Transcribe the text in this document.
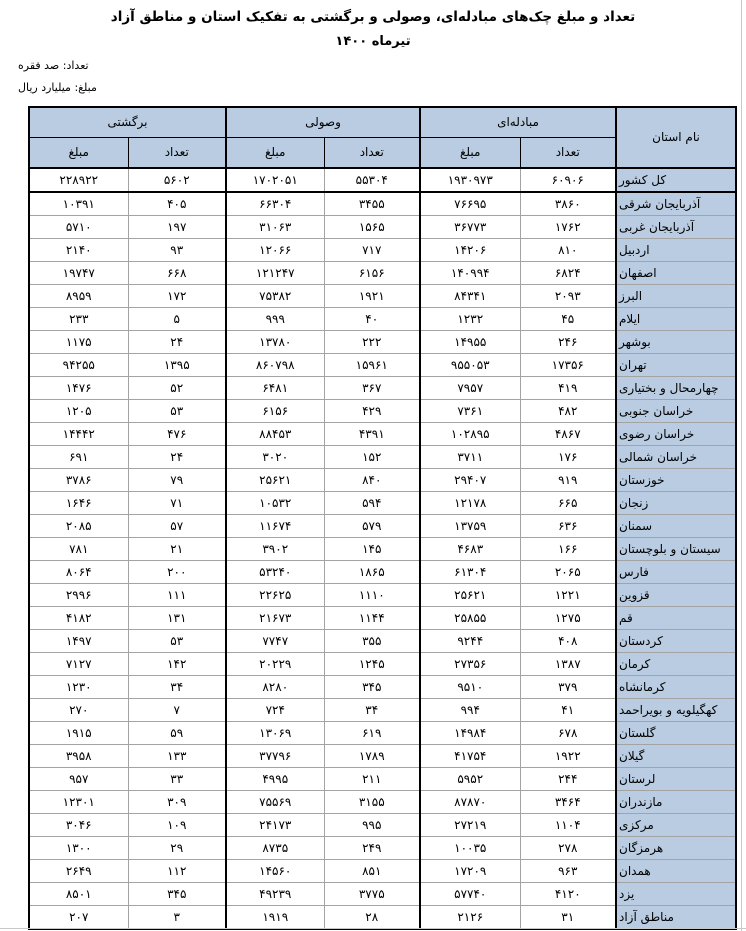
تعداد و مبلغ چک‌های مبادله‌ای، وصولی و برگشتی به تفکیک استان و مناطق آزاد
تیرماه ۱۴۰۰
تعداد: صد فقره
مبلغ: میلیارد ریال
نام استان	مبادله‌ای		وصولی		برگشتی	
	تعداد	مبلغ	تعداد	مبلغ	تعداد	مبلغ
کل کشور	۶۰۹۰۶	۱۹۳۰۹۷۳	۵۵۳۰۴	۱۷۰۲۰۵۱	۵۶۰۲	۲۲۸۹۲۲
آذربایجان شرقی	۳۸۶۰	۷۶۶۹۵	۳۴۵۵	۶۶۳۰۴	۴۰۵	۱۰۳۹۱
آذربایجان غربی	۱۷۶۲	۳۶۷۷۳	۱۵۶۵	۳۱۰۶۳	۱۹۷	۵۷۱۰
اردبیل	۸۱۰	۱۴۲۰۶	۷۱۷	۱۲۰۶۶	۹۳	۲۱۴۰
اصفهان	۶۸۲۴	۱۴۰۹۹۴	۶۱۵۶	۱۲۱۲۴۷	۶۶۸	۱۹۷۴۷
البرز	۲۰۹۳	۸۴۳۴۱	۱۹۲۱	۷۵۳۸۲	۱۷۲	۸۹۵۹
ایلام	۴۵	۱۲۳۲	۴۰	۹۹۹	۵	۲۳۳
بوشهر	۲۴۶	۱۴۹۵۵	۲۲۲	۱۳۷۸۰	۲۴	۱۱۷۵
تهران	۱۷۳۵۶	۹۵۵۰۵۳	۱۵۹۶۱	۸۶۰۷۹۸	۱۳۹۵	۹۴۲۵۵
چهارمحال و بختیاری	۴۱۹	۷۹۵۷	۳۶۷	۶۴۸۱	۵۲	۱۴۷۶
خراسان جنوبی	۴۸۲	۷۳۶۱	۴۲۹	۶۱۵۶	۵۳	۱۲۰۵
خراسان رضوی	۴۸۶۷	۱۰۲۸۹۵	۴۳۹۱	۸۸۴۵۳	۴۷۶	۱۴۴۴۲
خراسان شمالی	۱۷۶	۳۷۱۱	۱۵۲	۳۰۲۰	۲۴	۶۹۱
خوزستان	۹۱۹	۲۹۴۰۷	۸۴۰	۲۵۶۲۱	۷۹	۳۷۸۶
زنجان	۶۶۵	۱۲۱۷۸	۵۹۴	۱۰۵۳۲	۷۱	۱۶۴۶
سمنان	۶۳۶	۱۳۷۵۹	۵۷۹	۱۱۶۷۴	۵۷	۲۰۸۵
سیستان و بلوچستان	۱۶۶	۴۶۸۳	۱۴۵	۳۹۰۲	۲۱	۷۸۱
فارس	۲۰۶۵	۶۱۳۰۴	۱۸۶۵	۵۳۲۴۰	۲۰۰	۸۰۶۴
قزوین	۱۲۲۱	۲۵۶۲۱	۱۱۱۰	۲۲۶۲۵	۱۱۱	۲۹۹۶
قم	۱۲۷۵	۲۵۸۵۵	۱۱۴۴	۲۱۶۷۳	۱۳۱	۴۱۸۲
کردستان	۴۰۸	۹۲۴۴	۳۵۵	۷۷۴۷	۵۳	۱۴۹۷
کرمان	۱۳۸۷	۲۷۳۵۶	۱۲۴۵	۲۰۲۲۹	۱۴۲	۷۱۲۷
کرمانشاه	۳۷۹	۹۵۱۰	۳۴۵	۸۲۸۰	۳۴	۱۲۳۰
کهگیلویه و بویراحمد	۴۱	۹۹۴	۳۴	۷۲۴	۷	۲۷۰
گلستان	۶۷۸	۱۴۹۸۴	۶۱۹	۱۳۰۶۹	۵۹	۱۹۱۵
گیلان	۱۹۲۲	۴۱۷۵۴	۱۷۸۹	۳۷۷۹۶	۱۳۳	۳۹۵۸
لرستان	۲۴۴	۵۹۵۲	۲۱۱	۴۹۹۵	۳۳	۹۵۷
مازندران	۳۴۶۴	۸۷۸۷۰	۳۱۵۵	۷۵۵۶۹	۳۰۹	۱۲۳۰۱
مرکزی	۱۱۰۴	۲۷۲۱۹	۹۹۵	۲۴۱۷۳	۱۰۹	۳۰۴۶
هرمزگان	۲۷۸	۱۰۰۳۵	۲۴۹	۸۷۳۵	۲۹	۱۳۰۰
همدان	۹۶۳	۱۷۲۰۹	۸۵۱	۱۴۵۶۰	۱۱۲	۲۶۴۹
یزد	۴۱۲۰	۵۷۷۴۰	۳۷۷۵	۴۹۲۳۹	۳۴۵	۸۵۰۱
مناطق آزاد	۳۱	۲۱۲۶	۲۸	۱۹۱۹	۳	۲۰۷
